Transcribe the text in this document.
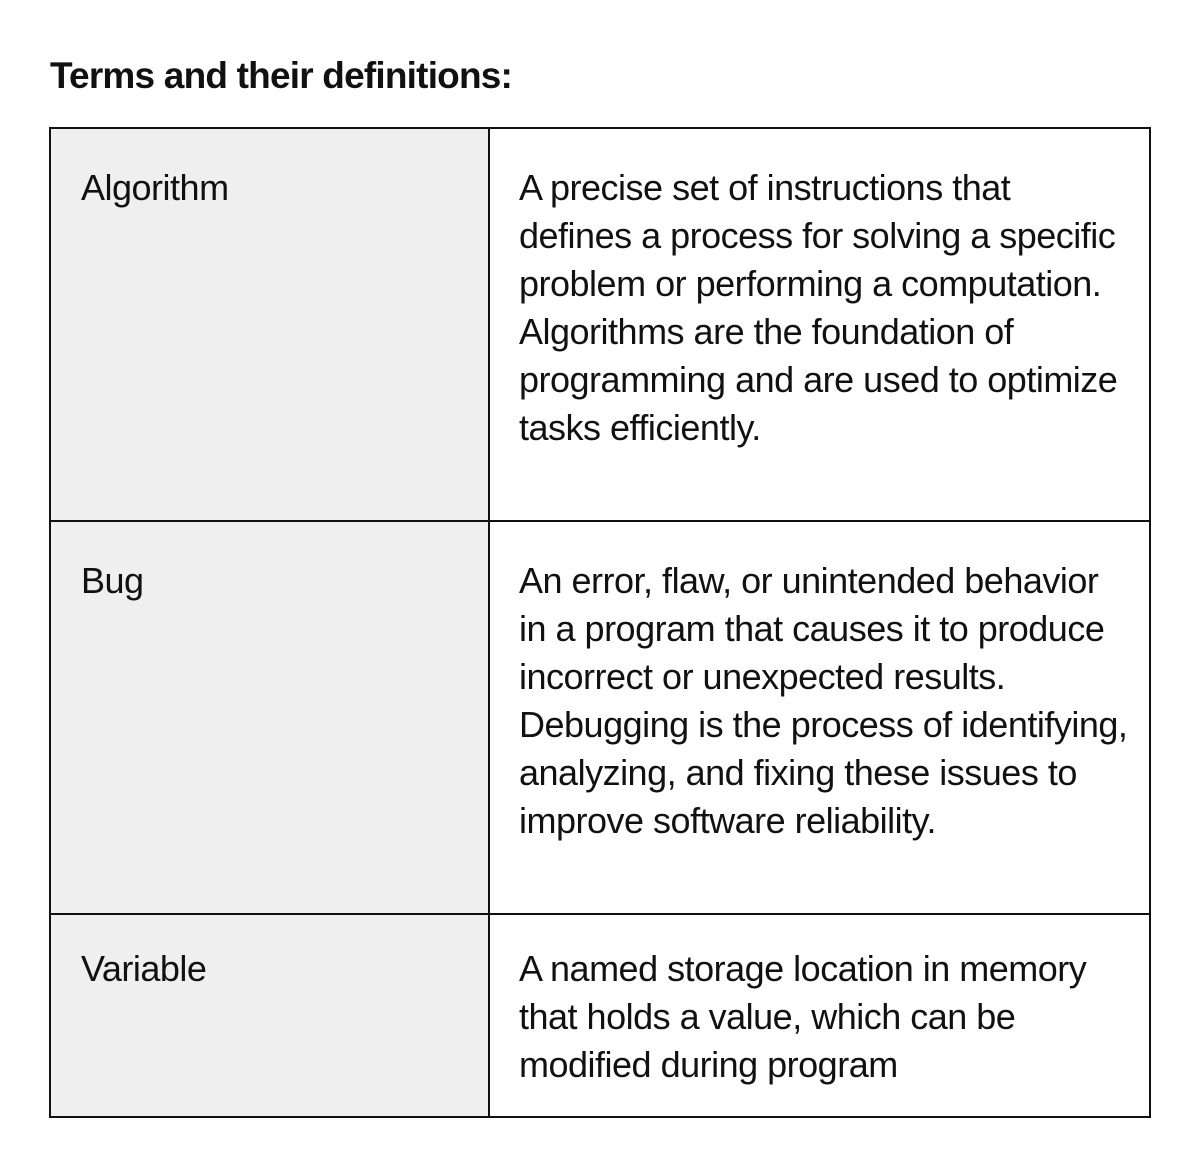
Terms and their definitions:
Algorithm	A precise set of instructions that defines a process for solving a specific problem or performing a computation. Algorithms are the foundation of programming and are used to optimize tasks efficiently.
Bug	An error, flaw, or unintended behavior in a program that causes it to produce incorrect or unexpected results. Debugging is the process of identifying, analyzing, and fixing these issues to improve software reliability.
Variable	A named storage location in memory that holds a value, which can be modified during program
